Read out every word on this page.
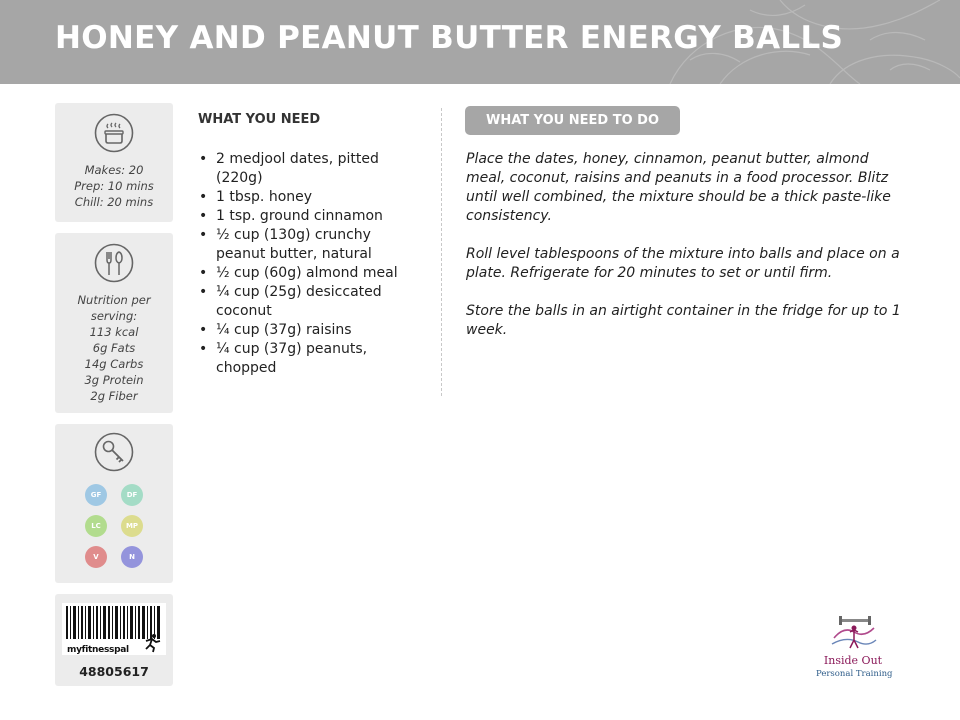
HONEY AND PEANUT BUTTER ENERGY BALLS
Makes: 20
Prep: 10 mins
Chill: 20 mins
Nutrition per
serving:
113 kcal
6g Fats
14g Carbs
3g Protein
2g Fiber
GF	DF
LC	MP
V	N
myfitnesspal
48805617
WHAT YOU NEED
• 2 medjool dates, pitted (220g)
• 1 tbsp. honey
• 1 tsp. ground cinnamon
• ½ cup (130g) crunchy peanut butter, natural
• ½ cup (60g) almond meal
• ¼ cup (25g) desiccated coconut
• ¼ cup (37g) raisins
• ¼ cup (37g) peanuts, chopped
WHAT YOU NEED TO DO

Place the dates, honey, cinnamon, peanut butter, almond meal, coconut, raisins and peanuts in a food processor. Blitz until well combined, the mixture should be a thick paste-like consistency.

Roll level tablespoons of the mixture into balls and place on a plate. Refrigerate for 20 minutes to set or until firm.

Store the balls in an airtight container in the fridge for up to 1 week.

Inside Out
Personal Training
